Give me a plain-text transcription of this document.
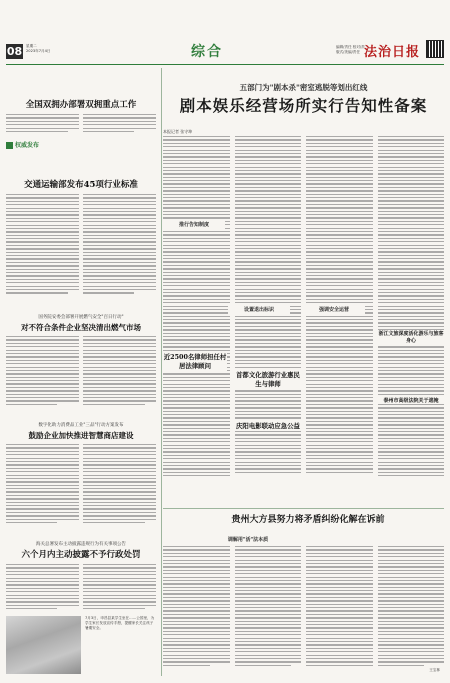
08 星期二
2023年7月4日	综合	编辑/责任 校对/责
版式/美编/责任 法治日报
全国双拥办部署双拥重点工作
权威发布
交通运输部发布45项行业标准
国务院安委会部署开展燃气安全"百日行动"
对不符合条件企业坚决清出燃气市场
数字化助力消费品工业"三品"行动方案发布
鼓励企业加快推进智慧商店建设
海关总署发布主动披露违规行为有关事项公告
六个月内主动披露不予行政处罚
7月3日，申昌县某学生坐在……公园里，为学生家长发放宣传手册，提醒家长关注孩子暑期安全。
五部门为"剧本杀"密室逃脱等划出红线
剧本娱乐经营场所实行告知性备案
本报记者 张守坤
设置退出标识	强调安全运营
推行告知制度
近2500名律师担任村居法律顾问
首都文化旅游行业惠民生与律师
庆阳电影联动应急公益
浙江文旅深度活化游乐与旅客身心
泰州市高级法院关于遮掩
贵州大方县努力将矛盾纠纷化解在诉前
调解用"活"法本质
王宝林
